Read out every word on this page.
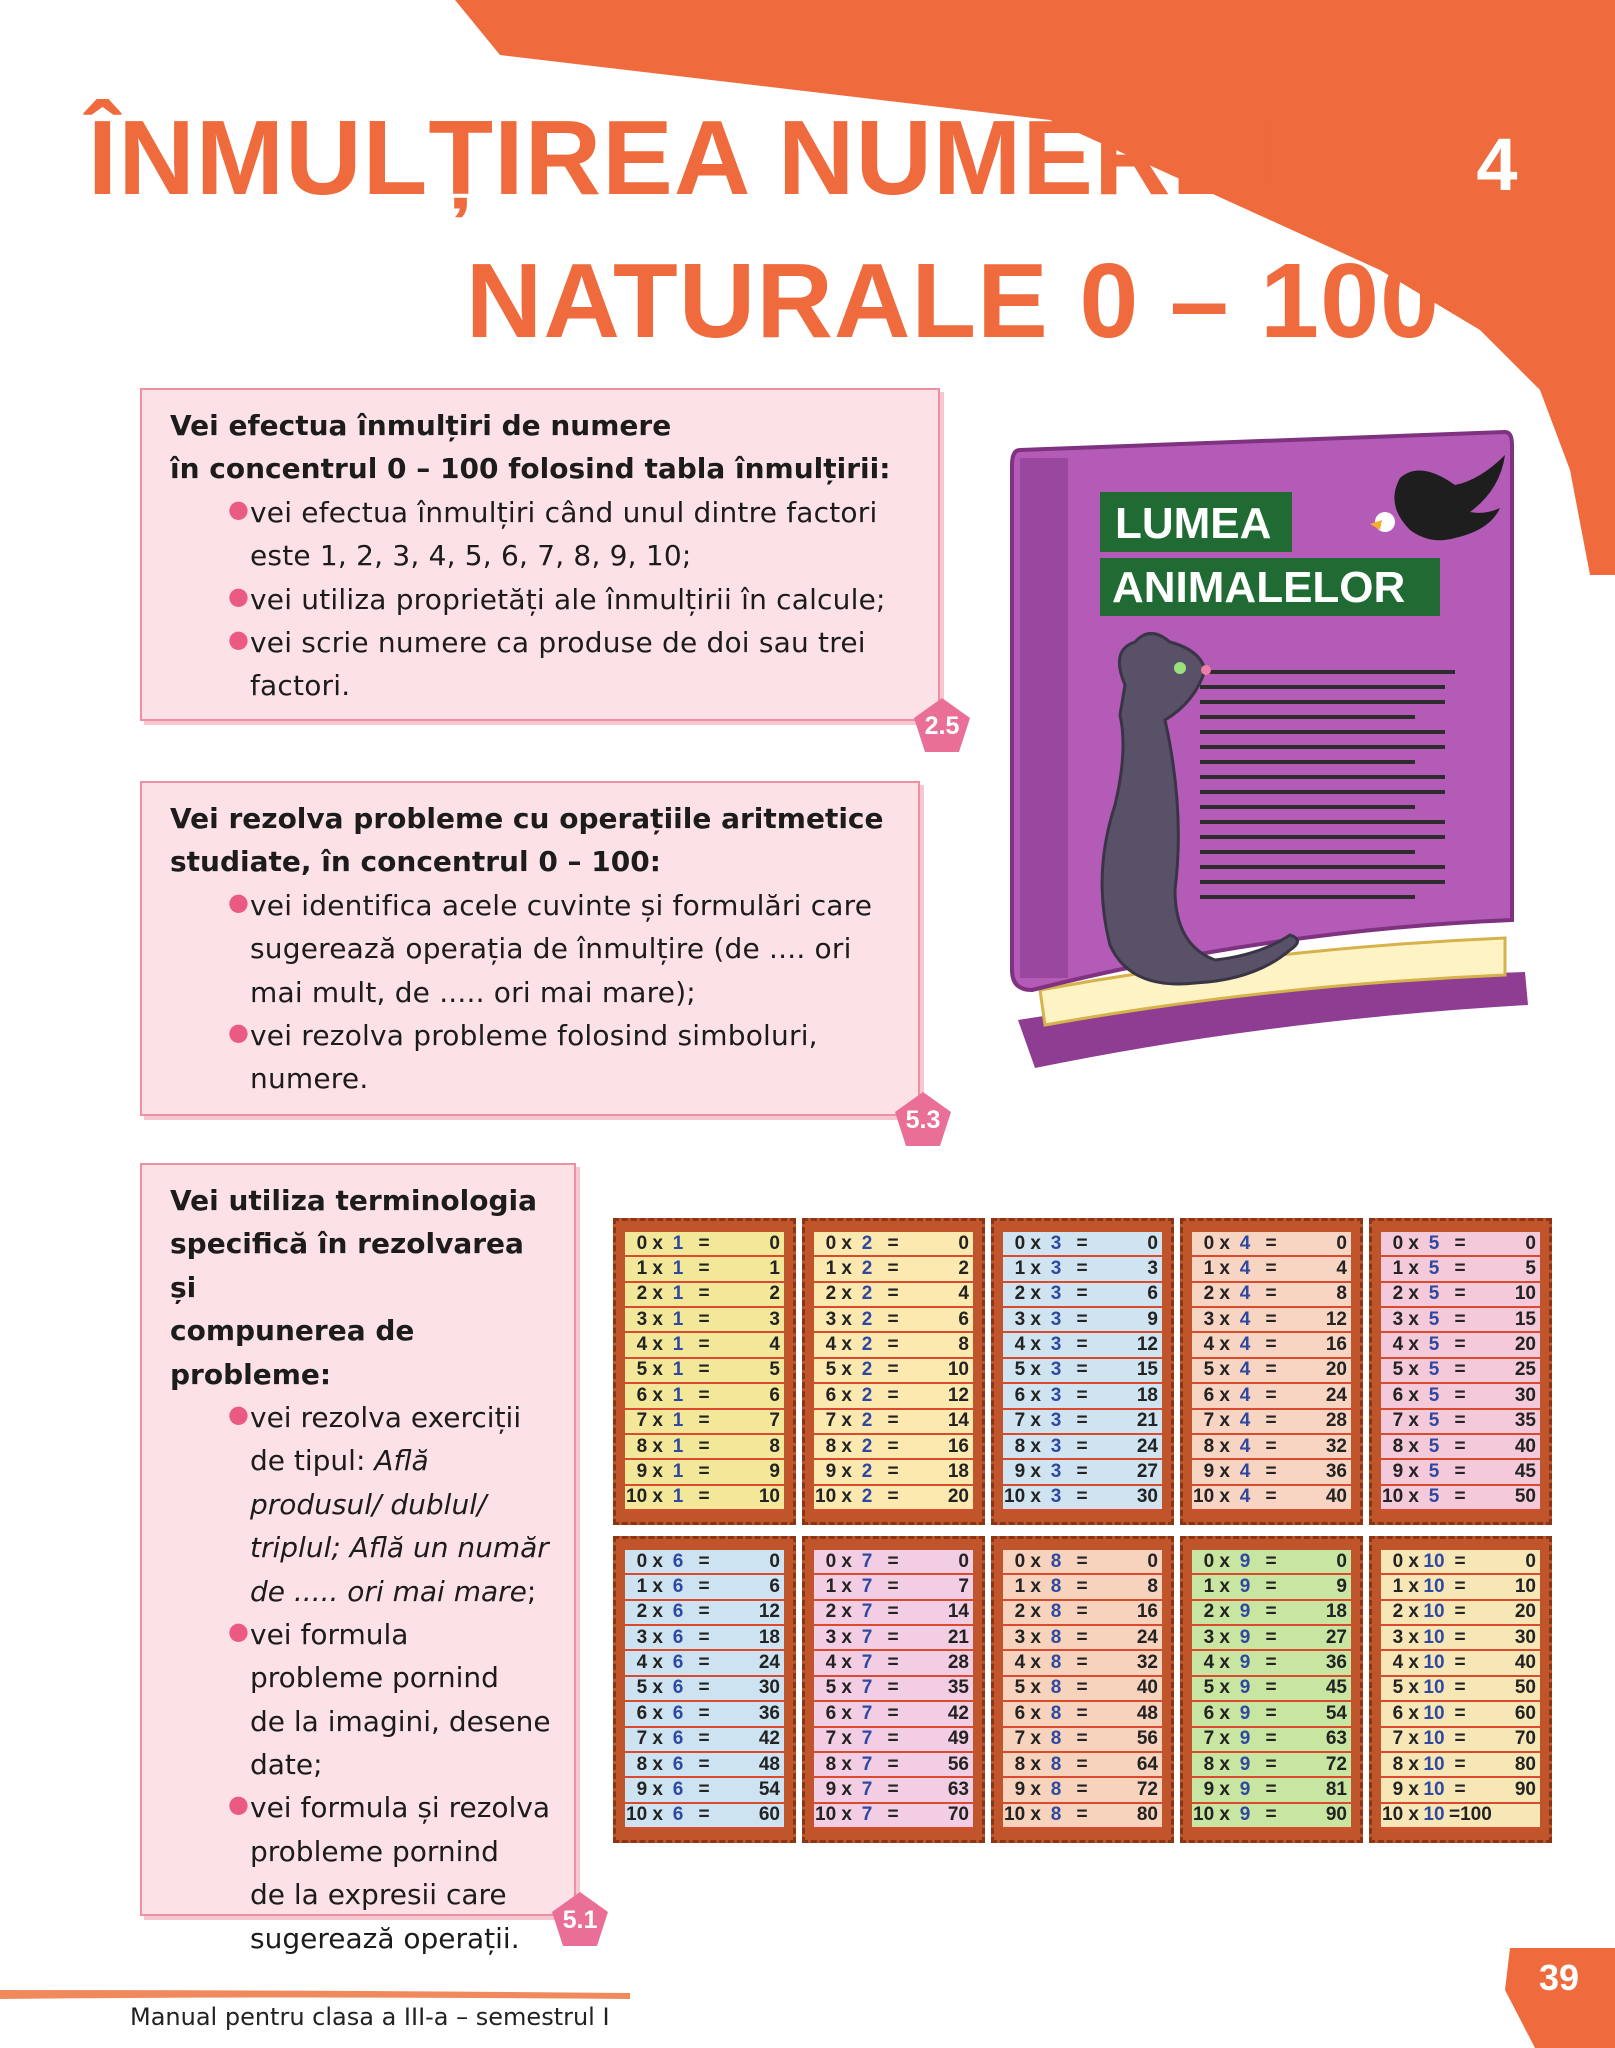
ÎNMULȚIREA NUMERELOR
NATURALE 0 – 100
4

Vei efectua înmulțiri de numere
în concentrul 0 – 100 folosind tabla înmulțirii:

● vei efectua înmulțiri când unul dintre factori
este 1, 2, 3, 4, 5, 6, 7, 8, 9, 10;
● vei utiliza proprietăți ale înmulțirii în calcule;
● vei scrie numere ca produse de doi sau trei
factori.
2.5

Vei rezolva probleme cu operațiile aritmetice
studiate, în concentrul 0 – 100:

● vei identifica acele cuvinte și formulări care
sugerează operația de înmulțire (de .... ori
mai mult, de ..... ori mai mare);
● vei rezolva probleme folosind simboluri,
numere.
5.3

Vei utiliza terminologia
specifică în rezolvarea și
compunerea de probleme:

● vei rezolva exerciții
de tipul: Află
produsul/ dublul/
triplul; Află un număr
de ..... ori mai mare;
● vei formula
probleme pornind
de la imagini, desene
date;
● vei formula și rezolva
probleme pornind
de la expresii care
sugerează operații.
5.1
LUMEA
ANIMALELOR
0 x 1 =	0
1 x 1 =	1
2 x 1 =	2
3 x 1 =	3
4 x 1 =	4
5 x 1 =	5
6 x 1 =	6
7 x 1 =	7
8 x 1 =	8
9 x 1 =	9
10 x 1 =	10
0 x 2 =	0
1 x 2 =	2
2 x 2 =	4
3 x 2 =	6
4 x 2 =	8
5 x 2 =	10
6 x 2 =	12
7 x 2 =	14
8 x 2 =	16
9 x 2 =	18
10 x 2 =	20
0 x 3 =	0
1 x 3 =	3
2 x 3 =	6
3 x 3 =	9
4 x 3 =	12
5 x 3 =	15
6 x 3 =	18
7 x 3 =	21
8 x 3 =	24
9 x 3 =	27
10 x 3 =	30
0 x 4 =	0
1 x 4 =	4
2 x 4 =	8
3 x 4 =	12
4 x 4 =	16
5 x 4 =	20
6 x 4 =	24
7 x 4 =	28
8 x 4 =	32
9 x 4 =	36
10 x 4 =	40
0 x 5 =	0
1 x 5 =	5
2 x 5 =	10
3 x 5 =	15
4 x 5 =	20
5 x 5 =	25
6 x 5 =	30
7 x 5 =	35
8 x 5 =	40
9 x 5 =	45
10 x 5 =	50
0 x 6 =	0
1 x 6 =	6
2 x 6 =	12
3 x 6 =	18
4 x 6 =	24
5 x 6 =	30
6 x 6 =	36
7 x 6 =	42
8 x 6 =	48
9 x 6 =	54
10 x 6 =	60
0 x 7 =	0
1 x 7 =	7
2 x 7 =	14
3 x 7 =	21
4 x 7 =	28
5 x 7 =	35
6 x 7 =	42
7 x 7 =	49
8 x 7 =	56
9 x 7 =	63
10 x 7 =	70
0 x 8 =	0
1 x 8 =	8
2 x 8 =	16
3 x 8 =	24
4 x 8 =	32
5 x 8 =	40
6 x 8 =	48
7 x 8 =	56
8 x 8 =	64
9 x 8 =	72
10 x 8 =	80
0 x 9 =	0
1 x 9 =	9
2 x 9 =	18
3 x 9 =	27
4 x 9 =	36
5 x 9 =	45
6 x 9 =	54
7 x 9 =	63
8 x 9 =	72
9 x 9 =	81
10 x 9 =	90
0 x 10 =	0
1 x 10 =	10
2 x 10 =	20
3 x 10 =	30
4 x 10 =	40
5 x 10 =	50
6 x 10 =	60
7 x 10 =	70
8 x 10 =	80
9 x 10 =	90
10 x 10 =100

Manual pentru clasa a III-a – semestrul I

39
